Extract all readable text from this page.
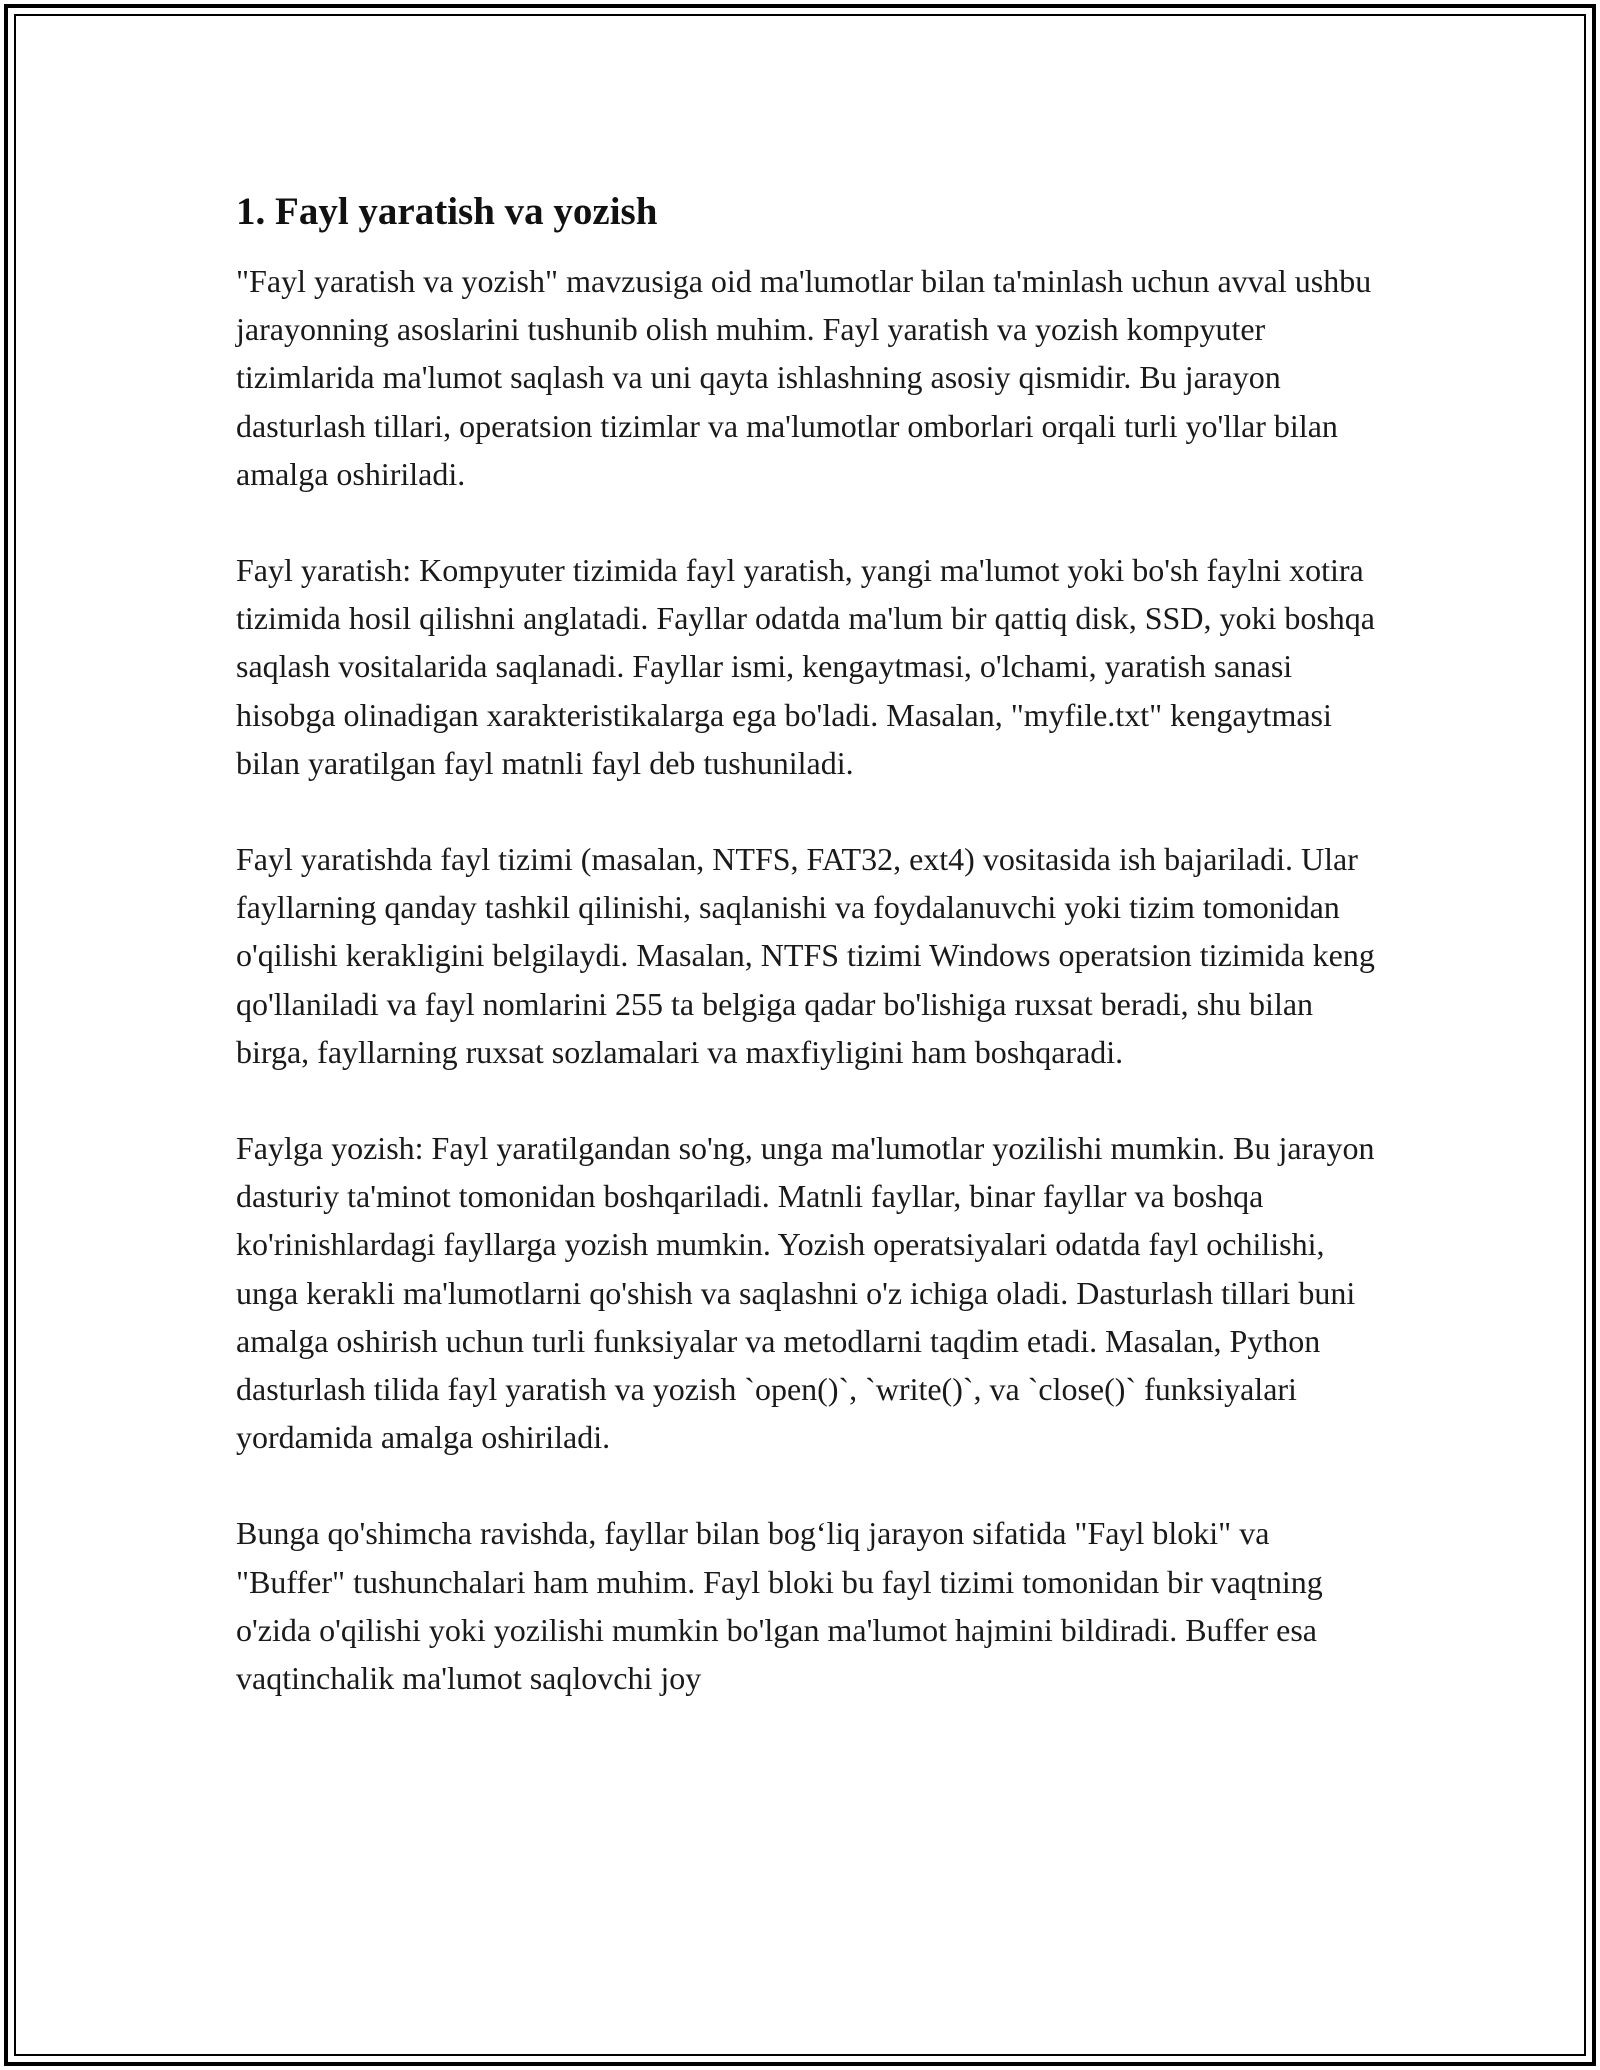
1. Fayl yaratish va yozish

"Fayl yaratish va yozish" mavzusiga oid ma'lumotlar bilan ta'minlash uchun avval ushbu jarayonning asoslarini tushunib olish muhim. Fayl yaratish va yozish kompyuter tizimlarida ma'lumot saqlash va uni qayta ishlashning asosiy qismidir. Bu jarayon dasturlash tillari, operatsion tizimlar va ma'lumotlar omborlari orqali turli yo'llar bilan amalga oshiriladi.

Fayl yaratish: Kompyuter tizimida fayl yaratish, yangi ma'lumot yoki bo'sh faylni xotira tizimida hosil qilishni anglatadi. Fayllar odatda ma'lum bir qattiq disk, SSD, yoki boshqa saqlash vositalarida saqlanadi. Fayllar ismi, kengaytmasi, o'lchami, yaratish sanasi hisobga olinadigan xarakteristikalarga ega bo'ladi. Masalan, "myfile.txt" kengaytmasi bilan yaratilgan fayl matnli fayl deb tushuniladi.

Fayl yaratishda fayl tizimi (masalan, NTFS, FAT32, ext4) vositasida ish bajariladi. Ular fayllarning qanday tashkil qilinishi, saqlanishi va foydalanuvchi yoki tizim tomonidan o'qilishi kerakligini belgilaydi. Masalan, NTFS tizimi Windows operatsion tizimida keng qo'llaniladi va fayl nomlarini 255 ta belgiga qadar bo'lishiga ruxsat beradi, shu bilan birga, fayllarning ruxsat sozlamalari va maxfiyligini ham boshqaradi.

Faylga yozish: Fayl yaratilgandan so'ng, unga ma'lumotlar yozilishi mumkin. Bu jarayon dasturiy ta'minot tomonidan boshqariladi. Matnli fayllar, binar fayllar va boshqa ko'rinishlardagi fayllarga yozish mumkin. Yozish operatsiyalari odatda fayl ochilishi, unga kerakli ma'lumotlarni qo'shish va saqlashni o'z ichiga oladi. Dasturlash tillari buni amalga oshirish uchun turli funksiyalar va metodlarni taqdim etadi. Masalan, Python dasturlash tilida fayl yaratish va yozish `open()`, `write()`, va `close()` funksiyalari yordamida amalga oshiriladi.

Bunga qo'shimcha ravishda, fayllar bilan bog‘liq jarayon sifatida "Fayl bloki" va "Buffer" tushunchalari ham muhim. Fayl bloki bu fayl tizimi tomonidan bir vaqtning o'zida o'qilishi yoki yozilishi mumkin bo'lgan ma'lumot hajmini bildiradi. Buffer esa vaqtinchalik ma'lumot saqlovchi joy
